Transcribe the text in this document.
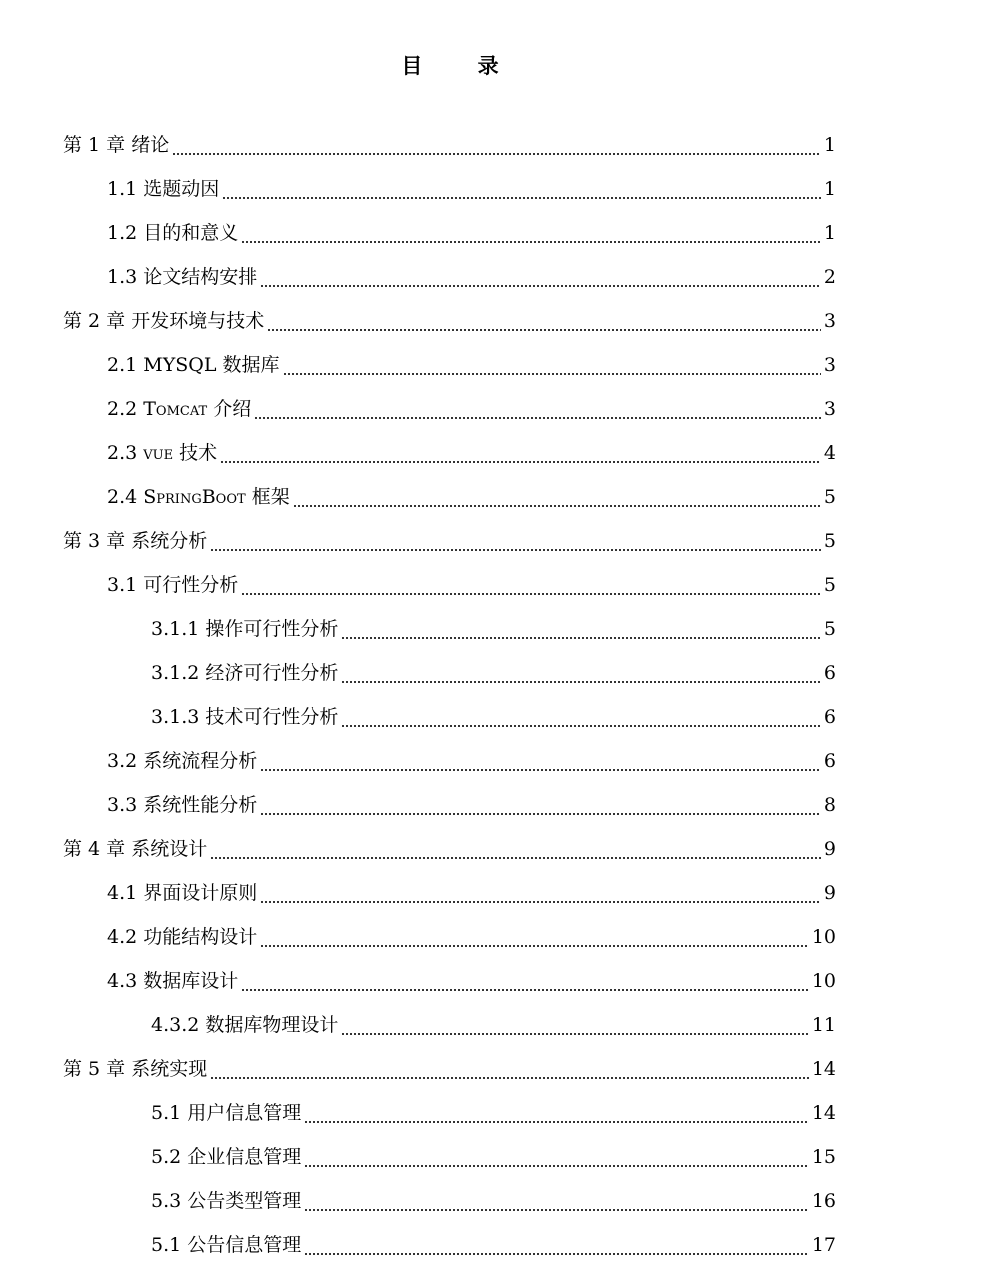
目 录
第 1 章 绪论	1
1.1 选题动因	1
1.2 目的和意义	1
1.3 论文结构安排	2
第 2 章 开发环境与技术	3
2.1 MYSQL 数据库	3
2.2 Tomcat 介绍	3
2.3 vue 技术	4
2.4 SpringBoot 框架	5
第 3 章 系统分析	5
3.1 可行性分析	5
3.1.1 操作可行性分析	5
3.1.2 经济可行性分析	6
3.1.3 技术可行性分析	6
3.2 系统流程分析	6
3.3 系统性能分析	8
第 4 章 系统设计	9
4.1 界面设计原则	9
4.2 功能结构设计	10
4.3 数据库设计	10
4.3.2 数据库物理设计	11
第 5 章 系统实现	14
5.1 用户信息管理	14
5.2 企业信息管理	15
5.3 公告类型管理	16
5.1 公告信息管理	17
